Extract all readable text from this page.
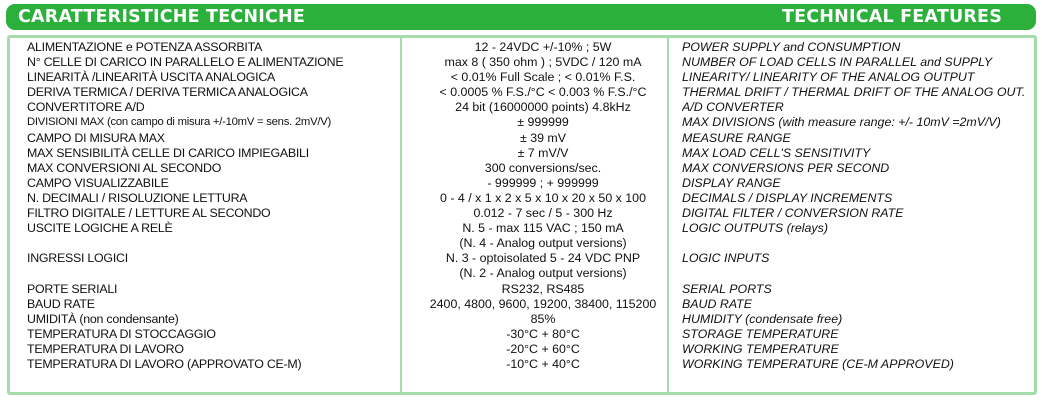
CARATTERISTICHE TECNICHE	TECHNICAL FEATURES
ALIMENTAZIONE e POTENZA ASSORBITA
N° CELLE DI CARICO IN PARALLELO E ALIMENTAZIONE
LINEARITÀ /LINEARITÀ USCITA ANALOGICA
DERIVA TERMICA / DERIVA TERMICA ANALOGICA
CONVERTITORE A/D
DIVISIONI MAX (con campo di misura +/-10mV = sens. 2mV/V)
CAMPO DI MISURA MAX
MAX SENSIBILITÀ CELLE DI CARICO IMPIEGABILI
MAX CONVERSIONI AL SECONDO
CAMPO VISUALIZZABILE
N. DECIMALI / RISOLUZIONE LETTURA
FILTRO DIGITALE / LETTURE AL SECONDO
USCITE LOGICHE A RELÈ
INGRESSI LOGICI
PORTE SERIALI
BAUD RATE
UMIDITÀ (non condensante)
TEMPERATURA DI STOCCAGGIO
TEMPERATURA DI LAVORO
TEMPERATURA DI LAVORO (APPROVATO CE-M)
12 - 24VDC +/-10% ; 5W
max 8 ( 350 ohm ) ; 5VDC / 120 mA
< 0.01% Full Scale ; < 0.01% F.S.
< 0.0005 % F.S./°C < 0.003 % F.S./°C
24 bit (16000000 points) 4.8kHz
± 999999
± 39 mV
± 7 mV/V
300 conversions/sec.
- 999999 ; + 999999
0 - 4 / x 1 x 2 x 5 x 10 x 20 x 50 x 100
0.012 - 7 sec / 5 - 300 Hz
N. 5 - max 115 VAC ; 150 mA
(N. 4 - Analog output versions)
N. 3 - optoisolated 5 - 24 VDC PNP
(N. 2 - Analog output versions)
RS232, RS485
2400, 4800, 9600, 19200, 38400, 115200
85%
-30°C + 80°C
-20°C + 60°C
-10°C + 40°C
POWER SUPPLY and CONSUMPTION
NUMBER OF LOAD CELLS IN PARALLEL and SUPPLY
LINEARITY/ LINEARITY OF THE ANALOG OUTPUT
THERMAL DRIFT / THERMAL DRIFT OF THE ANALOG OUT.
A/D CONVERTER
MAX DIVISIONS (with measure range: +/- 10mV =2mV/V)
MEASURE RANGE
MAX LOAD CELL'S SENSITIVITY
MAX CONVERSIONS PER SECOND
DISPLAY RANGE
DECIMALS / DISPLAY INCREMENTS
DIGITAL FILTER / CONVERSION RATE
LOGIC OUTPUTS (relays)
LOGIC INPUTS
SERIAL PORTS
BAUD RATE
HUMIDITY (condensate free)
STORAGE TEMPERATURE
WORKING TEMPERATURE
WORKING TEMPERATURE (CE-M APPROVED)
